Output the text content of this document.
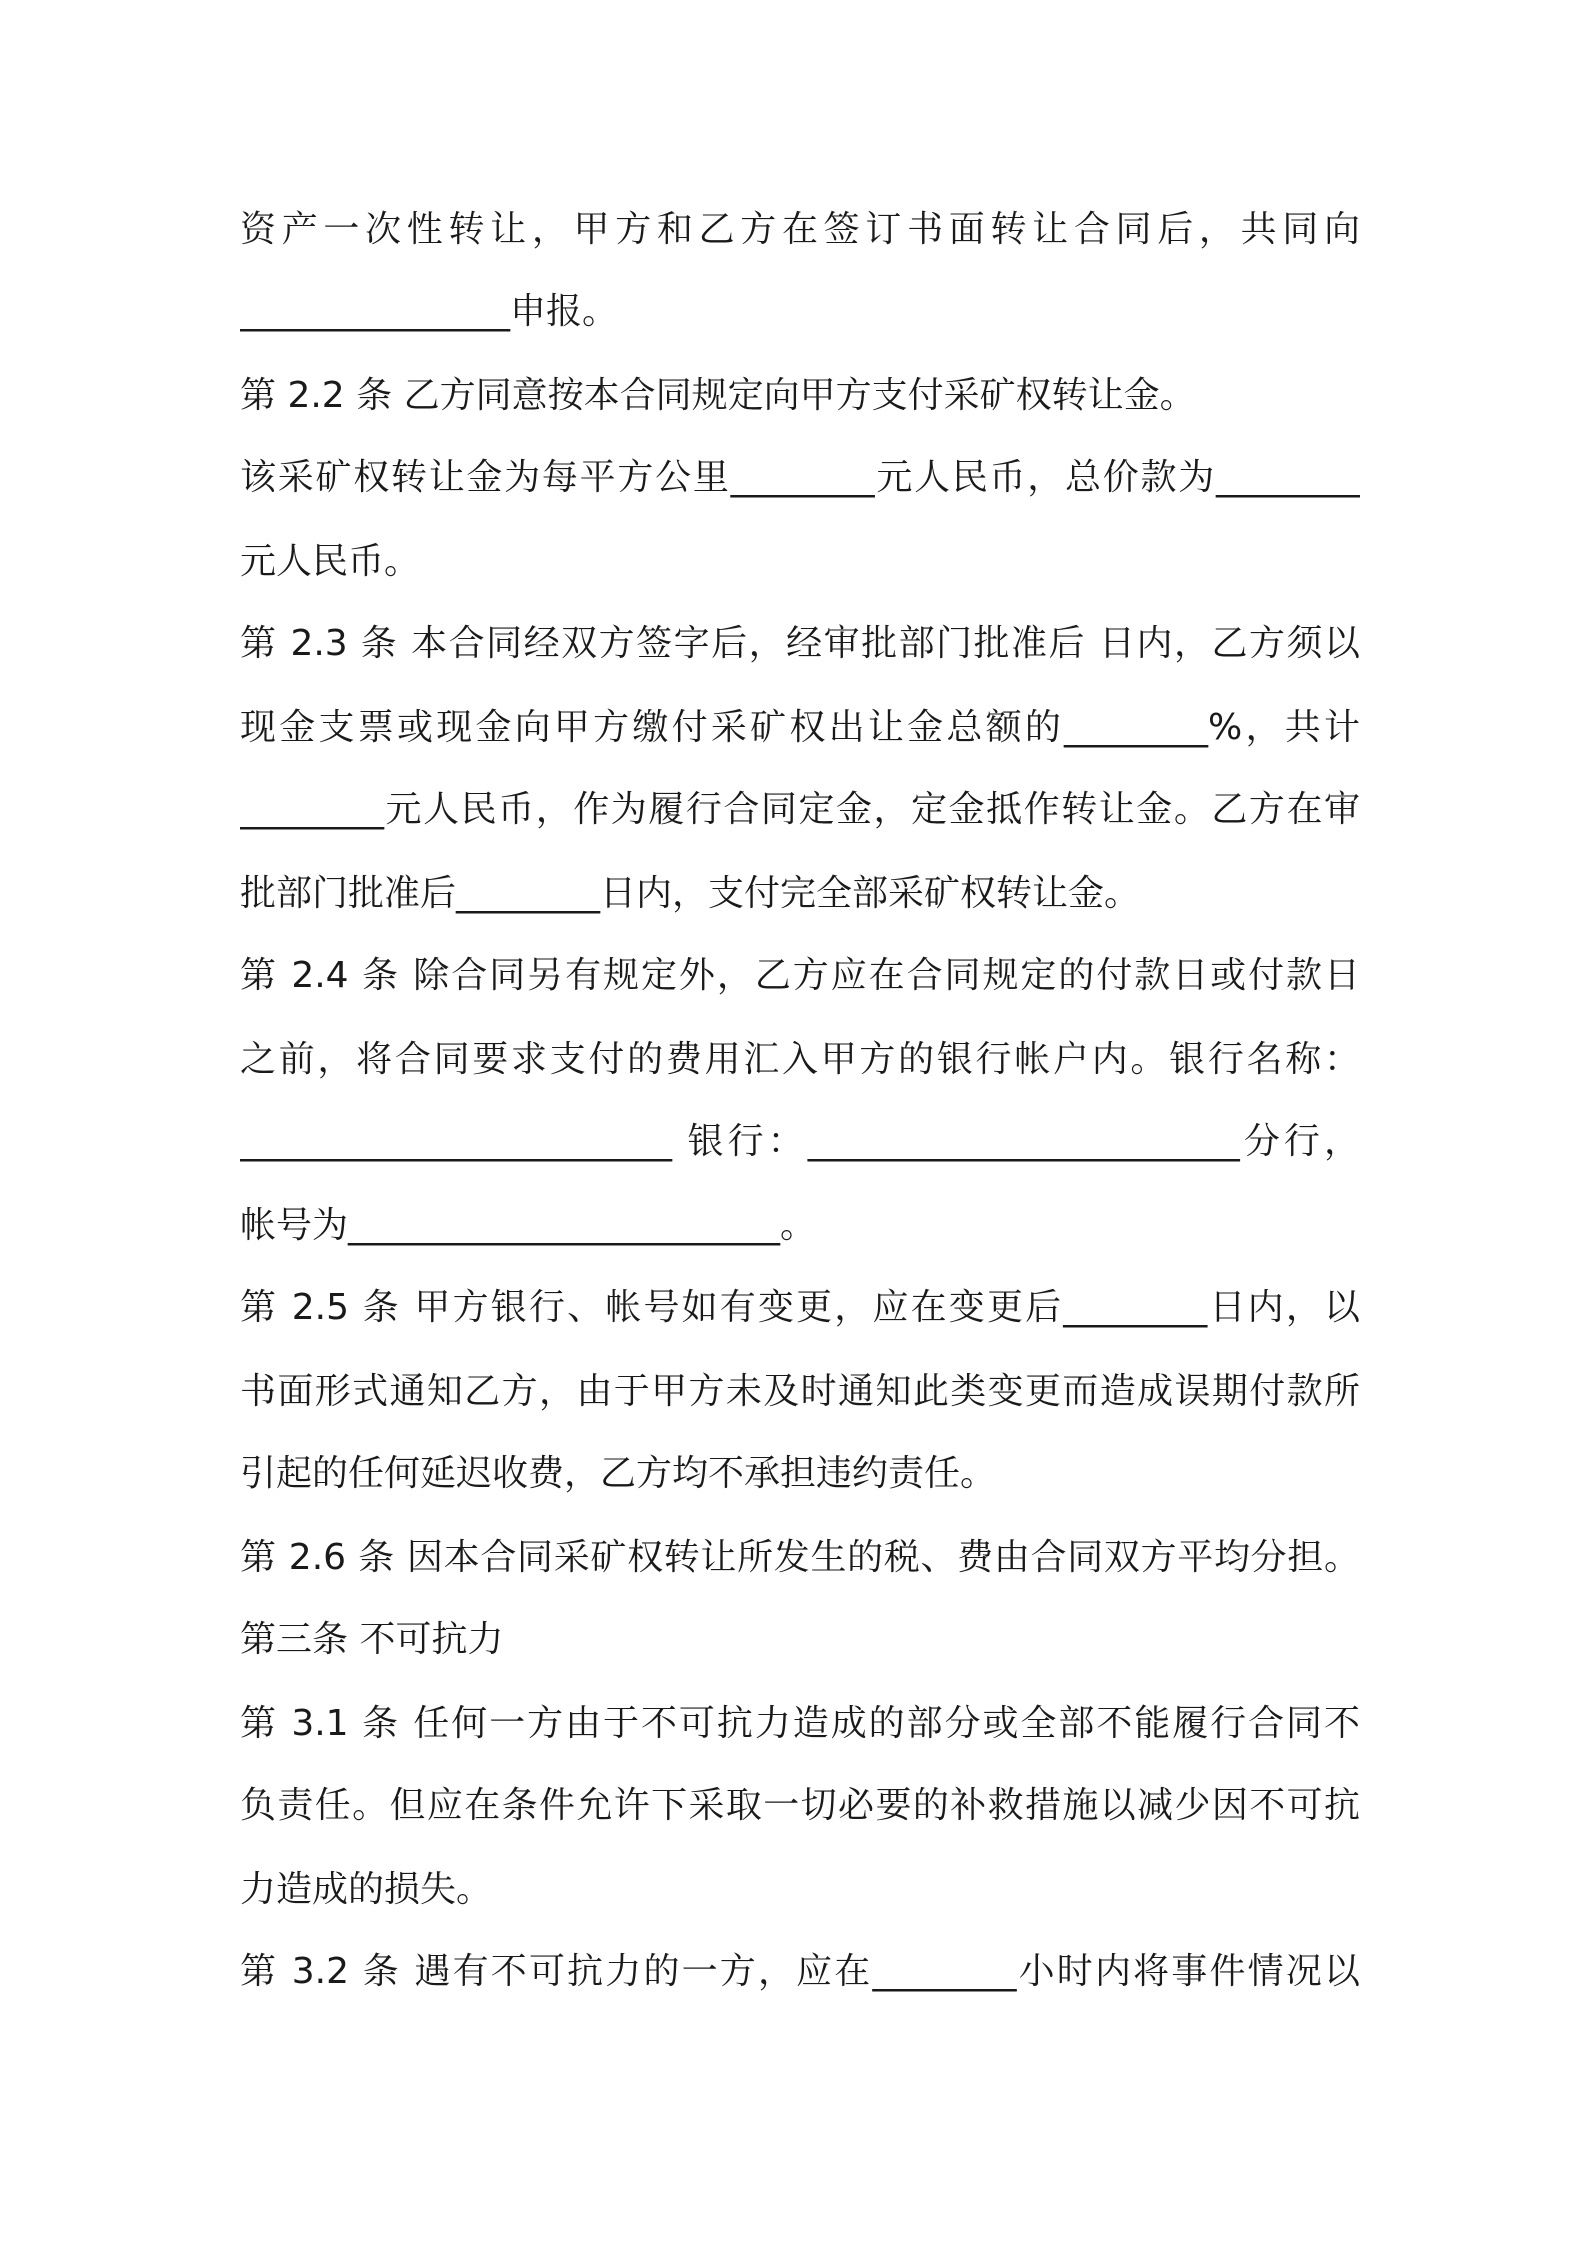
资产一次性转让，甲方和乙方在签订书面转让合同后，共同向
_______________申报。
第 2.2 条 乙方同意按本合同规定向甲方支付采矿权转让金。
该采矿权转让金为每平方公里________元人民币，总价款为________
元人民币。
第 2.3 条 本合同经双方签字后，经审批部门批准后 日内，乙方须以
现金支票或现金向甲方缴付采矿权出让金总额的________%，共计
________元人民币，作为履行合同定金，定金抵作转让金。乙方在审
批部门批准后________日内，支付完全部采矿权转让金。
第 2.4 条 除合同另有规定外，乙方应在合同规定的付款日或付款日
之前，将合同要求支付的费用汇入甲方的银行帐户内。银行名称：
________________________ 银行：________________________分行，
帐号为________________________。
第 2.5 条 甲方银行、帐号如有变更，应在变更后________日内，以
书面形式通知乙方，由于甲方未及时通知此类变更而造成误期付款所
引起的任何延迟收费，乙方均不承担违约责任。
第 2.6 条 因本合同采矿权转让所发生的税、费由合同双方平均分担。
第三条 不可抗力
第 3.1 条 任何一方由于不可抗力造成的部分或全部不能履行合同不
负责任。但应在条件允许下采取一切必要的补救措施以减少因不可抗
力造成的损失。
第 3.2 条 遇有不可抗力的一方，应在________小时内将事件情况以
